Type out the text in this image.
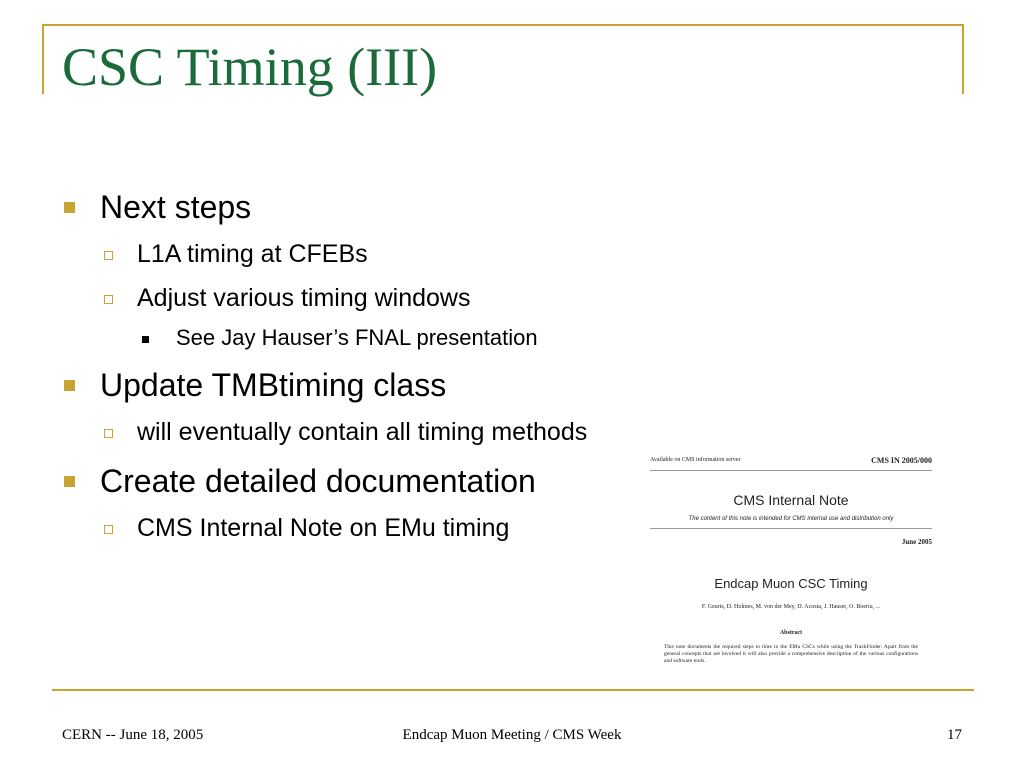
CSC Timing (III)
Next steps
L1A timing at CFEBs
Adjust various timing windows
See Jay Hauser’s FNAL presentation
Update TMBtiming class
will eventually contain all timing methods
Create detailed documentation
CMS Internal Note on EMu timing
Available on CMS information server	CMS IN 2005/000
CMS Internal Note
The content of this note is intended for CMS internal use and distribution only
June 2005
Endcap Muon CSC Timing
F. Geurts, D. Holmes, M. von der Mey, D. Acosta, J. Hauser, O. Boeriu, ...
Abstract
This note documents the required steps to time in the EMu CSCs while using the TrackFinder. Apart from the general concepts that are involved it will also provide a comprehensive description of the various configurations and software tools.
CERN -- June 18, 2005	Endcap Muon Meeting / CMS Week	17
